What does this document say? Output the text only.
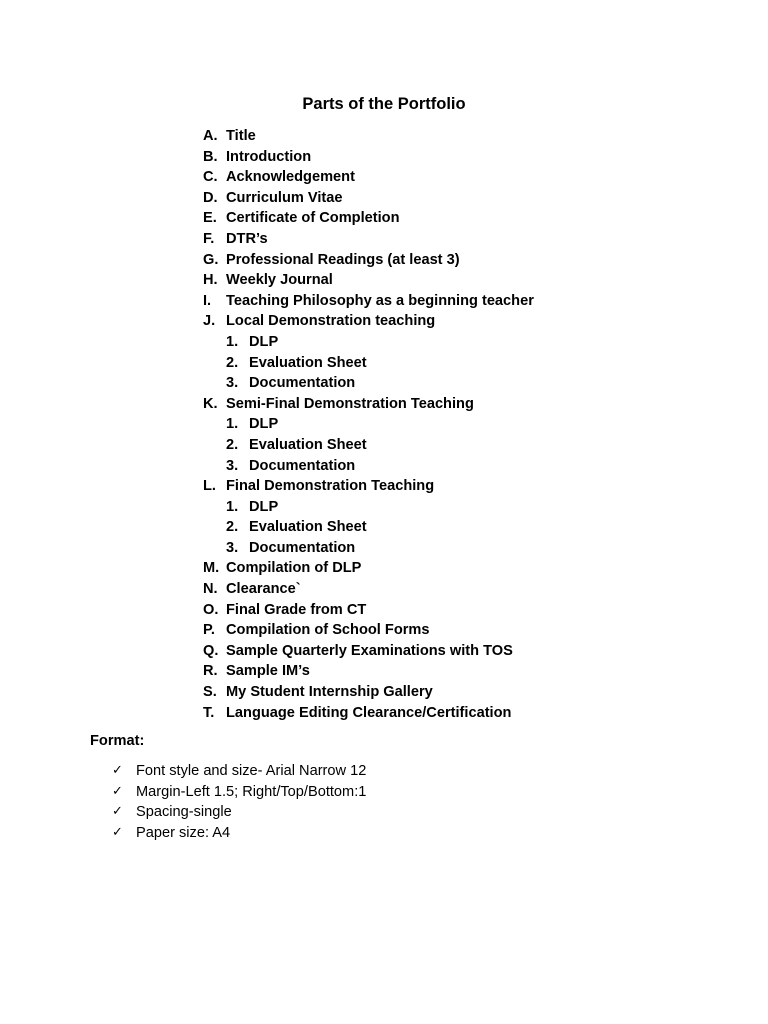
Parts of the Portfolio
A. Title
B. Introduction
C. Acknowledgement
D. Curriculum Vitae
E. Certificate of Completion
F. DTR’s
G. Professional Readings (at least 3)
H. Weekly Journal
I. Teaching Philosophy as a beginning teacher
J. Local Demonstration teaching
1. DLP
2. Evaluation Sheet
3. Documentation
K. Semi-Final Demonstration Teaching
1. DLP
2. Evaluation Sheet
3. Documentation
L. Final Demonstration Teaching
1. DLP
2. Evaluation Sheet
3. Documentation
M. Compilation of DLP
N. Clearance`
O. Final Grade from CT
P. Compilation of School Forms
Q. Sample Quarterly Examinations with TOS
R. Sample IM’s
S. My Student Internship Gallery
T. Language Editing Clearance/Certification
Format:
✓ Font style and size- Arial Narrow 12
✓ Margin-Left 1.5; Right/Top/Bottom:1
✓ Spacing-single
✓ Paper size: A4
